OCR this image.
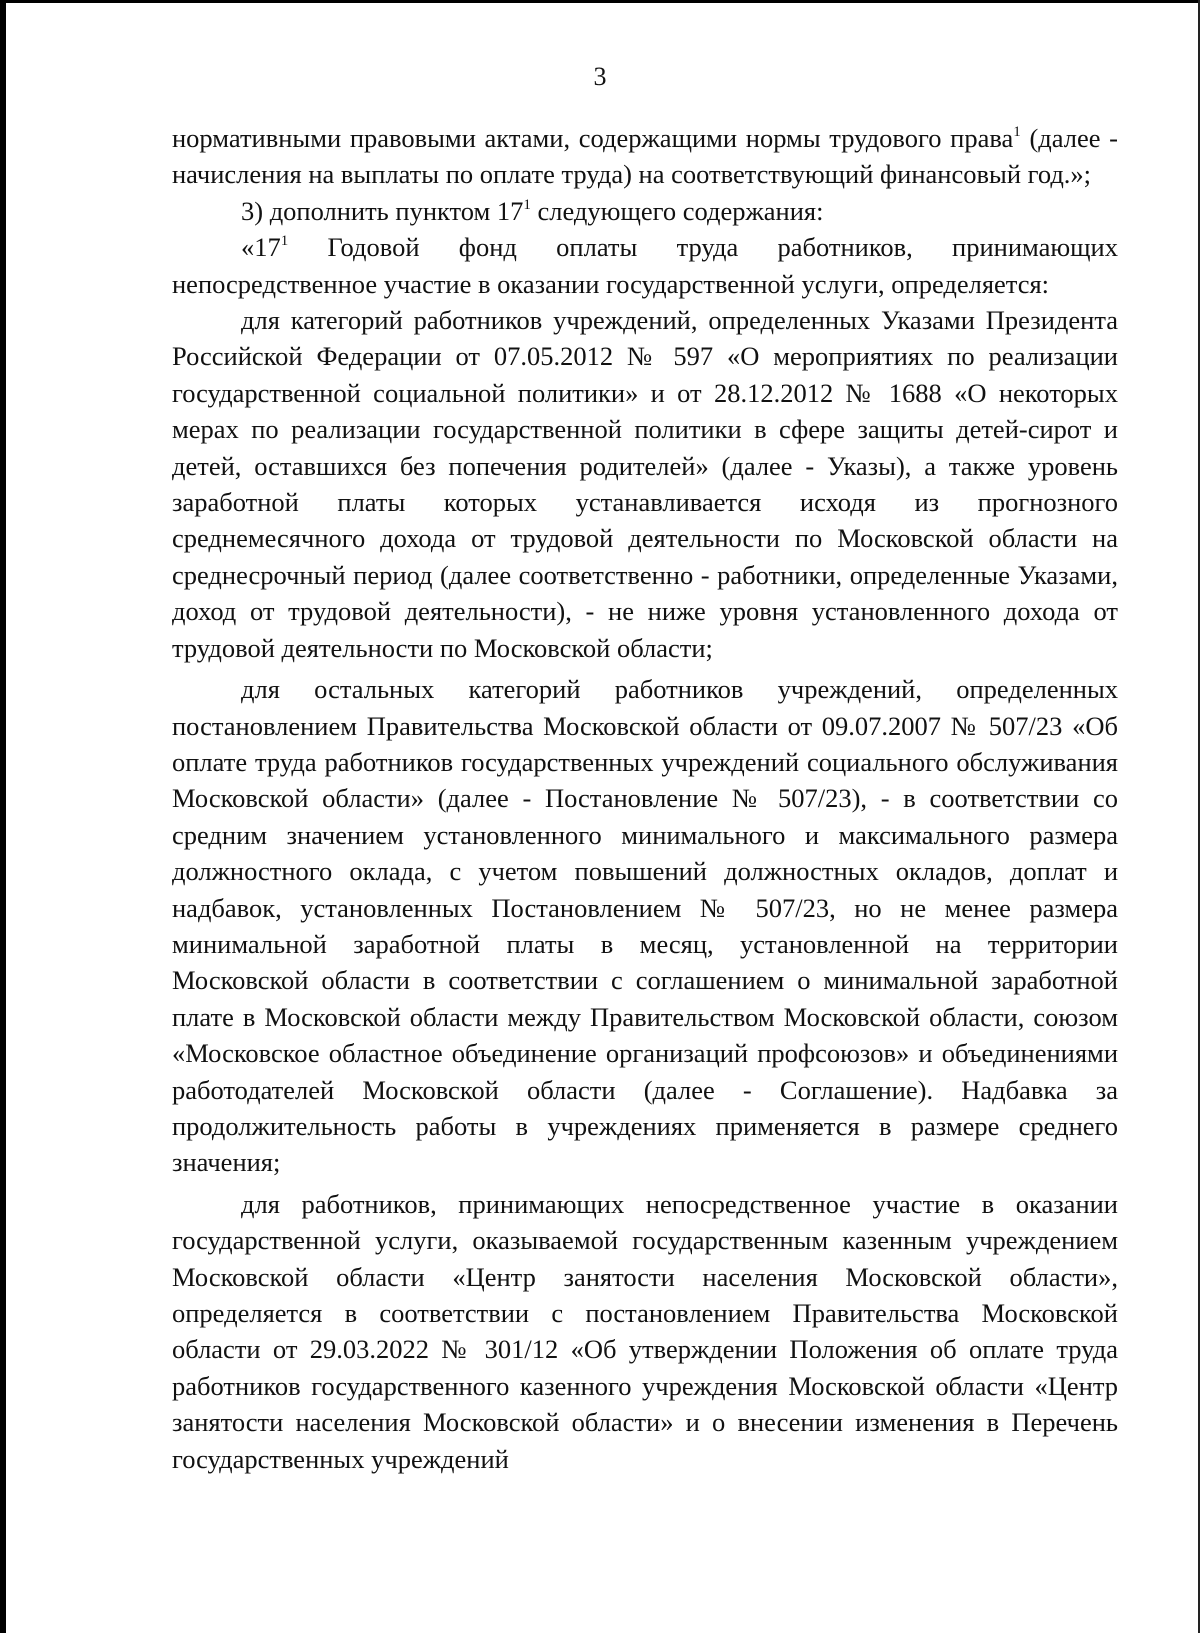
3

нормативными правовыми актами, содержащими нормы трудового права$^1$ (далее - начисления на выплаты по оплате труда) на соответствующий финансовый год.»;

3) дополнить пунктом $17^1$ следующего содержания:

«$17^1$ Годовой фонд оплаты труда работников, принимающих непосредственное участие в оказании государственной услуги, определяется:

для категорий работников учреждений, определенных Указами Президента Российской Федерации от 07.05.2012 № 597 «О мероприятиях по реализации государственной социальной политики» и от 28.12.2012 № 1688 «О некоторых мерах по реализации государственной политики в сфере защиты детей-сирот и детей, оставшихся без попечения родителей» (далее - Указы), а также уровень заработной платы которых устанавливается исходя из прогнозного среднемесячного дохода от трудовой деятельности по Московской области на среднесрочный период (далее соответственно - работники, определенные Указами, доход от трудовой деятельности), - не ниже уровня установленного дохода от трудовой деятельности по Московской области;

для остальных категорий работников учреждений, определенных постановлением Правительства Московской области от 09.07.2007 № 507/23 «Об оплате труда работников государственных учреждений социального обслуживания Московской области» (далее - Постановление № 507/23), - в соответствии со средним значением установленного минимального и максимального размера должностного оклада, с учетом повышений должностных окладов, доплат и надбавок, установленных Постановлением № 507/23, но не менее размера минимальной заработной платы в месяц, установленной на территории Московской области в соответствии с соглашением о минимальной заработной плате в Московской области между Правительством Московской области, союзом «Московское областное объединение организаций профсоюзов» и объединениями работодателей Московской области (далее - Соглашение). Надбавка за продолжительность работы в учреждениях применяется в размере среднего значения;

для работников, принимающих непосредственное участие в оказании государственной услуги, оказываемой государственным казенным учреждением Московской области «Центр занятости населения Московской области», определяется в соответствии с постановлением Правительства Московской области от 29.03.2022 № 301/12 «Об утверждении Положения об оплате труда работников государственного казенного учреждения Московской области «Центр занятости населения Московской области» и о внесении изменения в Перечень государственных учреждений
